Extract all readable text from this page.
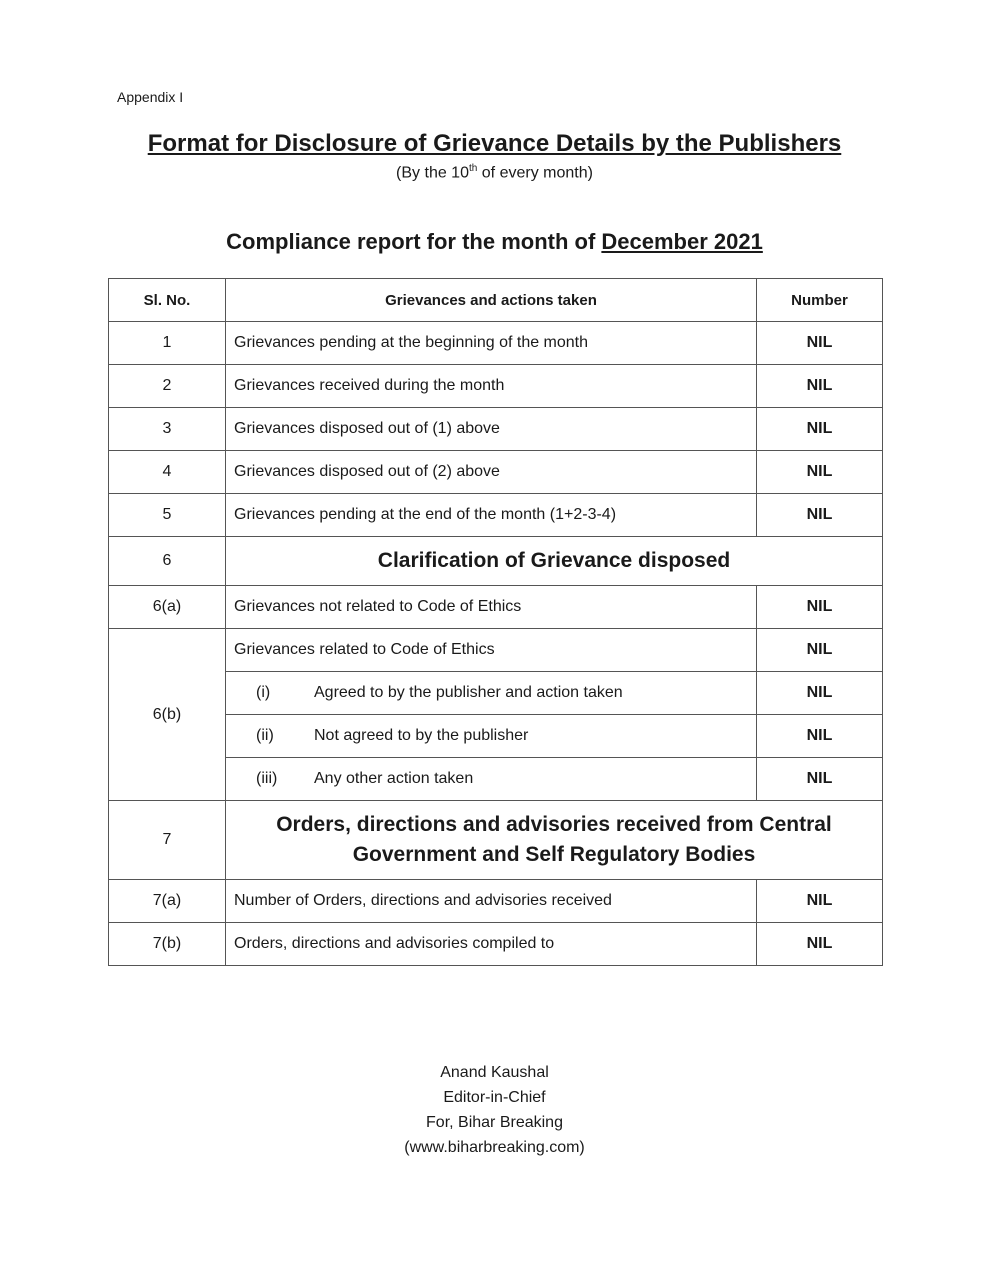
Appendix I
Format for Disclosure of Grievance Details by the Publishers
(By the 10th of every month)
Compliance report for the month of December 2021
Sl. No.	Grievances and actions taken	Number
1	Grievances pending at the beginning of the month	NIL
2	Grievances received during the month	NIL
3	Grievances disposed out of (1) above	NIL
4	Grievances disposed out of (2) above	NIL
5	Grievances pending at the end of the month (1+2-3-4)	NIL
6	Clarification of Grievance disposed	
6(a)	Grievances not related to Code of Ethics	NIL
6(b)	Grievances related to Code of Ethics	NIL

	(i) Agreed to by the publisher and action taken	NIL

	(ii) Not agreed to by the publisher	NIL

	(iii) Any other action taken	NIL
7	Orders, directions and advisories received from Central
Government and Self Regulatory Bodies	

7(a)	Number of Orders, directions and advisories received	NIL
7(b)	Orders, directions and advisories compiled to	NIL
Anand Kaushal
Editor-in-Chief
For, Bihar Breaking
(www.biharbreaking.com)
